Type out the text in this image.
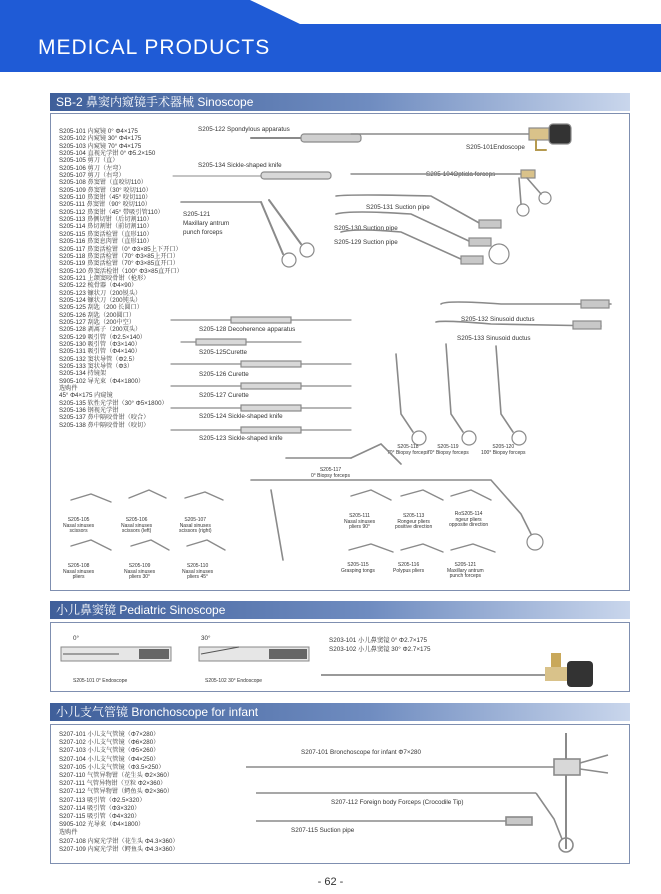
MEDICAL PRODUCTS
SB-2 鼻窦内窥镜手术器械 Sinoscope
S205-101 内窥镜 0° Φ4×175
S205-102 内窥镜 30° Φ4×175
S205-103 内窥镜 70° Φ4×175
S205-104 直视光学钳 0° Φ5.2×150
S205-105 剪刀（直）
S205-106 剪刀（左弯）
S205-107 剪刀（右弯）
S205-108 鼻窦钳（直咬切110）
S205-109 鼻窦钳（30° 咬切110）
S205-110 鼻窦钳（45° 咬切110）
S205-111 鼻窦钳（90° 咬切110）
S205-112 鼻窦钳（45° 带吸引管110）
S205-113 鼻侧切钳（后切割110）
S205-114 鼻切割钳（前切割110）
S205-115 鼻窦活检钳（直形110）
S205-116 鼻窦息肉钳（直形110）
S205-117 鼻窦活检钳（0° Φ3×85上下开口）
S205-118 鼻窦活检钳（70° Φ3×85上开口）
S205-119 鼻窦活检钳（70° Φ3×85直开口）
S205-120 鼻窦活检钳（100° Φ3×85直开口）
S205-121 上颌窦咬骨钳（枪形）
S205-122 梳骨器（Φ4×90）
S205-123 镰状刀（200锐头）
S205-124 镰状刀（200钝头）
S205-125 刮匙（200 长圆口）
S205-126 刮匙（200圆口）
S205-127 刮匙（200中空）
S205-128 剥离子（200双头）
S205-129 吸引管（Φ2.5×140）
S205-130 吸引管（Φ3×140）
S205-131 吸引管（Φ4×140）
S205-132 窦状导管（Φ2.5）
S205-133 窦状导管（Φ3）
S205-134 持镜架
S905-102 导光束（Φ4×1800）
选购件
45° Φ4×175 内窥镜
S205-135 软性光学钳（30° Φ5×1800）
S205-136 钢视光学钳
S205-137 鼻中隔咬骨钳（咬合）
S205-138 鼻中隔咬骨钳（咬切）
S205-122 Spondylous apparatus
S205-134 Sickle-shaped knife
S205-121
Maxillary antrum
punch forceps
S205-101Endoscope
S205-104Opticla forceps
S205-131 Suction pipe
S205-130 Suction pipe
S205-129 Suction pipe
S205-128 Decoherence apparatus
S205-125Curette
S205-126 Curette
S205-127 Curette
S205-124 Sickle-shaped knife
S205-123 Sickle-shaped knife
S205-132 Sinusoid ductus
S205-133 Sinusoid ductus
S205-118
70° Biopsy forceps
S205-119
70° Biopsy forceps
S205-120
100° Biopsy forceps
S205-117
0° Biopsy forceps
S205-105
Nasal sinuses
scissors
S205-106
Nasal sinuses
scissors (left)
S205-107
Nasal sinuses
scissors (right)
S205-108
Nasal sinuses
pliers
S205-109
Nasal sinuses
pliers 30°
S205-110
Nasal sinuses
pliers 45°
S205-111
Nasal sinuses
pliers 90°
S205-113
Rongeur pliers
positive direction
RoS205-114
ngeur pliers
opposite direction
S205-115
Grasping tongs
S205-116
Polypus pliers
S205-121
Maxillary antrum
punch forceps
小儿鼻窦镜 Pediatric Sinoscope
0°	30°
S205-101 0° Endoscope	S205-102 30° Endoscope
S203-101 小儿鼻窦镜 0° Φ2.7×175
S203-102 小儿鼻窦镜 30° Φ2.7×175
小儿支气管镜 Bronchoscope for infant
S207-101 小儿支气管镜（Φ7×280）
S207-102 小儿支气管镜（Φ6×280）
S207-103 小儿支气管镜（Φ5×260）
S207-104 小儿支气管镜（Φ4×250）
S207-105 小儿支气管镜（Φ3.5×250）
S207-110 气管异物钳（花生头 Φ2×360）
S207-111 气管异物钳（豆粒 Φ2×360）
S207-112 气管异物钳（鳄鱼头 Φ2×360）
S207-113 吸引管（Φ2.5×320）
S207-114 吸引管（Φ3×320）
S207-115 吸引管（Φ4×320）
S905-102 光导束（Φ4×1800）
选购件
S207-108 内窥光学钳（花生头 Φ4.3×360）
S207-109 内窥光学钳（鳄鱼头 Φ4.3×360）
S207-101 Bronchoscope for infant Φ7×280
S207-112 Foreign body Forceps (Crocodile Tip)
S207-115 Suction pipe
- 62 -
